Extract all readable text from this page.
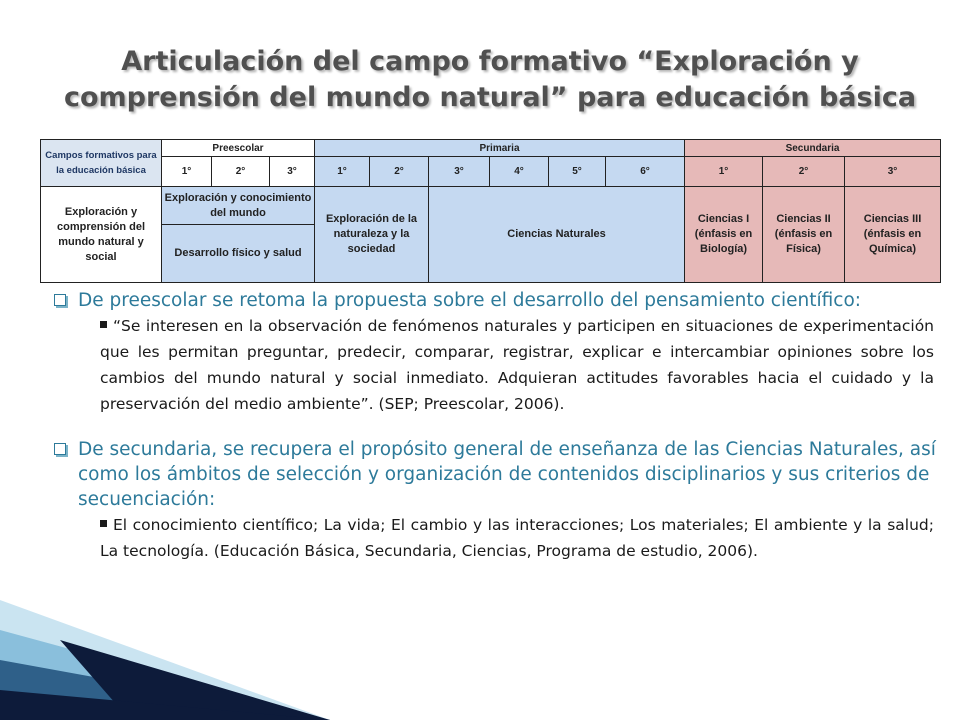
Articulación del campo formativo “Exploración y
comprensión del mundo natural” para educación básica
Campos formativos para la educación básica	Preescolar			Primaria						Secundaria		
	1°	2°	3°	1°	2°	3°	4°	5°	6°	1°	2°	3°
Exploración y comprensión del mundo natural y social	Exploración y conocimiento del mundo			Exploración de la naturaleza y la sociedad		Ciencias Naturales				Ciencias I (énfasis en Biología)	Ciencias II (énfasis en Física)	Ciencias III (énfasis en Química)
	Desarrollo físico y salud											
De preescolar se retoma la propuesta sobre el desarrollo del pensamiento científico:
“Se interesen en la observación de fenómenos naturales y participen en situaciones de experimentación que les permitan preguntar, predecir, comparar, registrar, explicar e intercambiar opiniones sobre los cambios del mundo natural y social inmediato. Adquieran actitudes favorables hacia el cuidado y la preservación del medio ambiente”. (SEP; Preescolar, 2006).
De secundaria, se recupera el propósito general de enseñanza de las Ciencias Naturales, así como los ámbitos de selección y organización de contenidos disciplinarios y sus criterios de secuenciación:
El conocimiento científico; La vida; El cambio y las interacciones; Los materiales; El ambiente y la salud; La tecnología. (Educación Básica, Secundaria, Ciencias, Programa de estudio, 2006).
